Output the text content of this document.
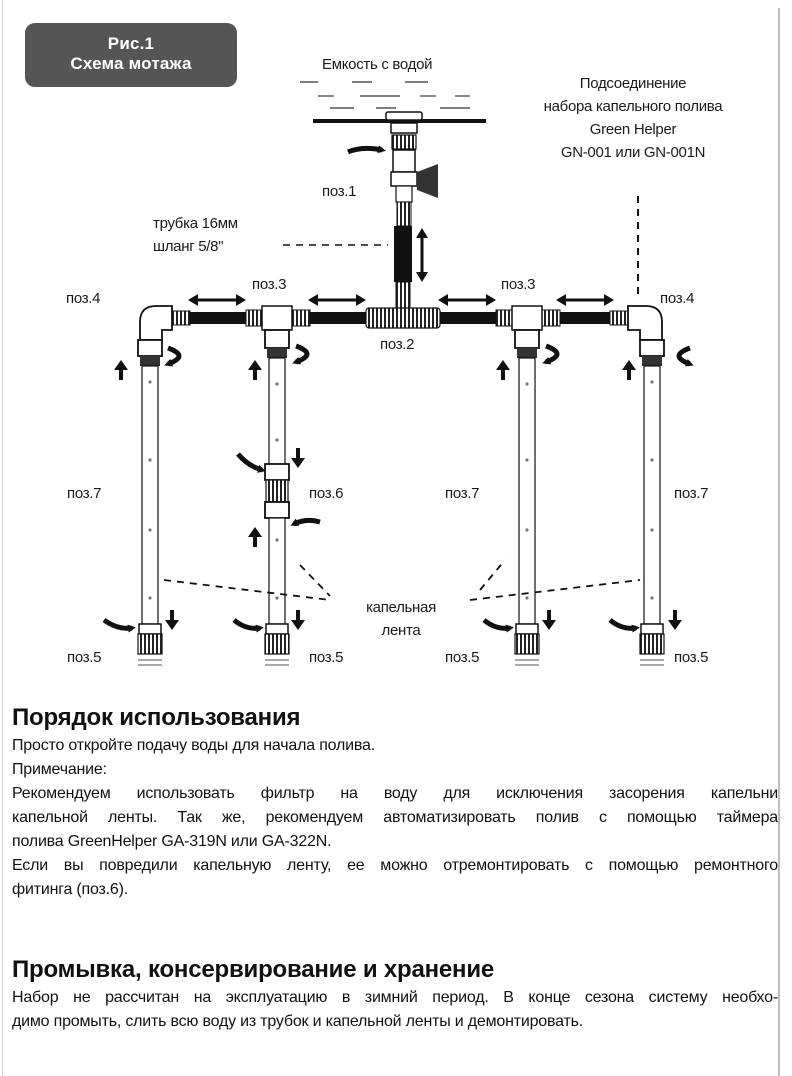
Рис.1
Схема мотажа	Емкость с водой
Подсоединение
набора капельного полива
Green Helper
GN-001 или GN-001N
поз.1
трубка 16мм
шланг 5/8"
поз.4
поз.3	поз.3
поз.4
поз.2
поз.7	поз.6	поз.7	поз.7
капельная
лента
поз.5	поз.5	поз.5	поз.5
Порядок использования

Просто откройте подачу воды для начала полива.

Примечание:

Рекомендуем использовать фильтр на воду для исключения засорения капельни

капельной ленты. Так же, рекомендуем автоматизировать полив с помощью таймера

полива GreenHelper GA-319N или GA-322N.

Если вы повредили капельную ленту, ее можно отремонтировать с помощью ремонтного

фитинга (поз.6).

Промывка, консервирование и хранение

Набор не рассчитан на эксплуатацию в зимний период. В конце сезона систему необхо-

димо промыть, слить всю воду из трубок и капельной ленты и демонтировать.
